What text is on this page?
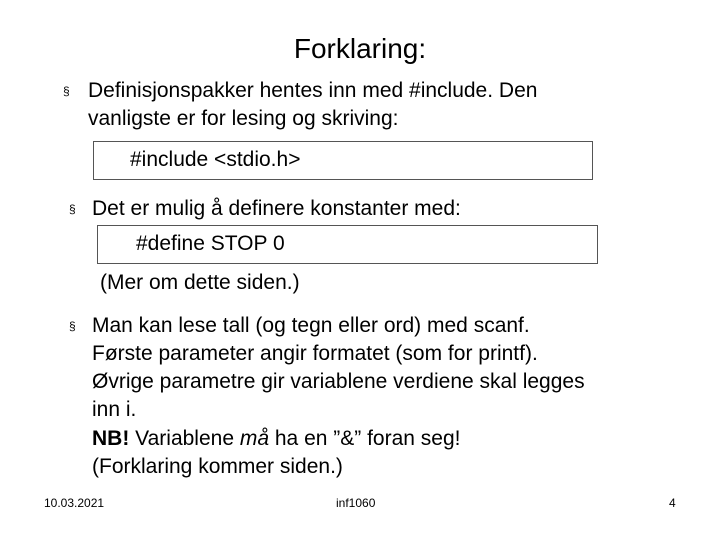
Forklaring:
§ Definisjonspakker hentes inn med #include. Den
vanligste er for lesing og skriving:
#include <stdio.h>
§ Det er mulig å definere konstanter med:
#define STOP 0
(Mer om dette siden.)
§ Man kan lese tall (og tegn eller ord) med scanf.
Første parameter angir formatet (som for printf).
Øvrige parametre gir variablene verdiene skal legges
inn i.
NB! Variablene må ha en ”&” foran seg!
(Forklaring kommer siden.)
10.03.2021	inf1060	4
